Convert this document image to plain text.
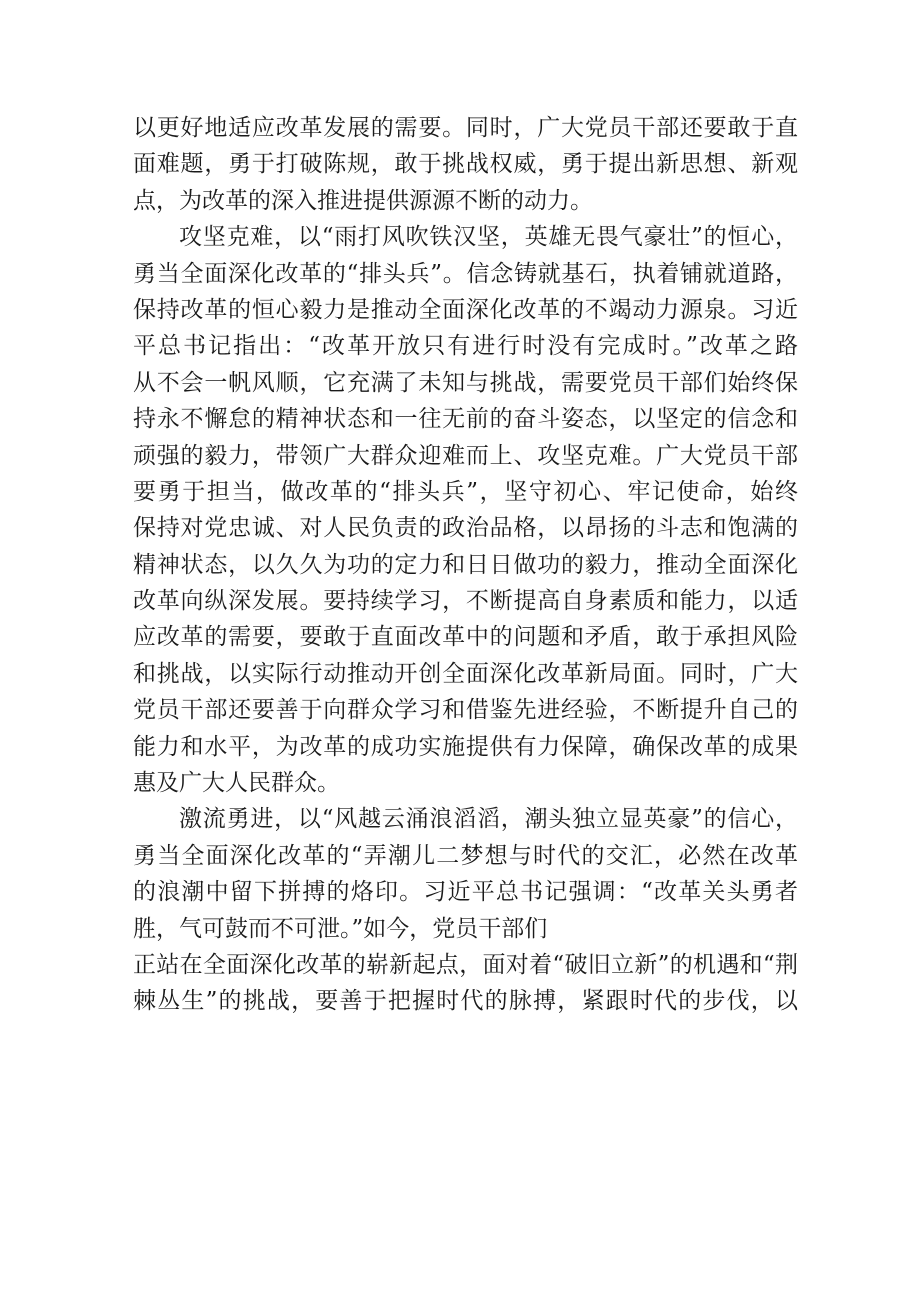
以更好地适应改革发展的需要。同时，广大党员干部还要敢于直
面难题，勇于打破陈规，敢于挑战权威，勇于提出新思想、新观
点，为改革的深入推进提供源源不断的动力。
攻坚克难，以“雨打风吹铁汉坚，英雄无畏气豪壮”的恒心，
勇当全面深化改革的“排头兵”。信念铸就基石，执着铺就道路，
保持改革的恒心毅力是推动全面深化改革的不竭动力源泉。习近
平总书记指出：“改革开放只有进行时没有完成时。”改革之路
从不会一帆风顺，它充满了未知与挑战，需要党员干部们始终保
持永不懈怠的精神状态和一往无前的奋斗姿态，以坚定的信念和
顽强的毅力，带领广大群众迎难而上、攻坚克难。广大党员干部
要勇于担当，做改革的“排头兵”，坚守初心、牢记使命，始终
保持对党忠诚、对人民负责的政治品格，以昂扬的斗志和饱满的
精神状态，以久久为功的定力和日日做功的毅力，推动全面深化
改革向纵深发展。要持续学习，不断提高自身素质和能力，以适
应改革的需要，要敢于直面改革中的问题和矛盾，敢于承担风险
和挑战，以实际行动推动开创全面深化改革新局面。同时，广大
党员干部还要善于向群众学习和借鉴先进经验，不断提升自己的
能力和水平，为改革的成功实施提供有力保障，确保改革的成果
惠及广大人民群众。
激流勇进，以“风越云涌浪滔滔，潮头独立显英豪”的信心，
勇当全面深化改革的“弄潮儿二梦想与时代的交汇，必然在改革
的浪潮中留下拼搏的烙印。习近平总书记强调：“改革关头勇者
胜，气可鼓而不可泄。”如今，党员干部们
正站在全面深化改革的崭新起点，面对着“破旧立新”的机遇和“荆
棘丛生”的挑战，要善于把握时代的脉搏，紧跟时代的步伐，以
